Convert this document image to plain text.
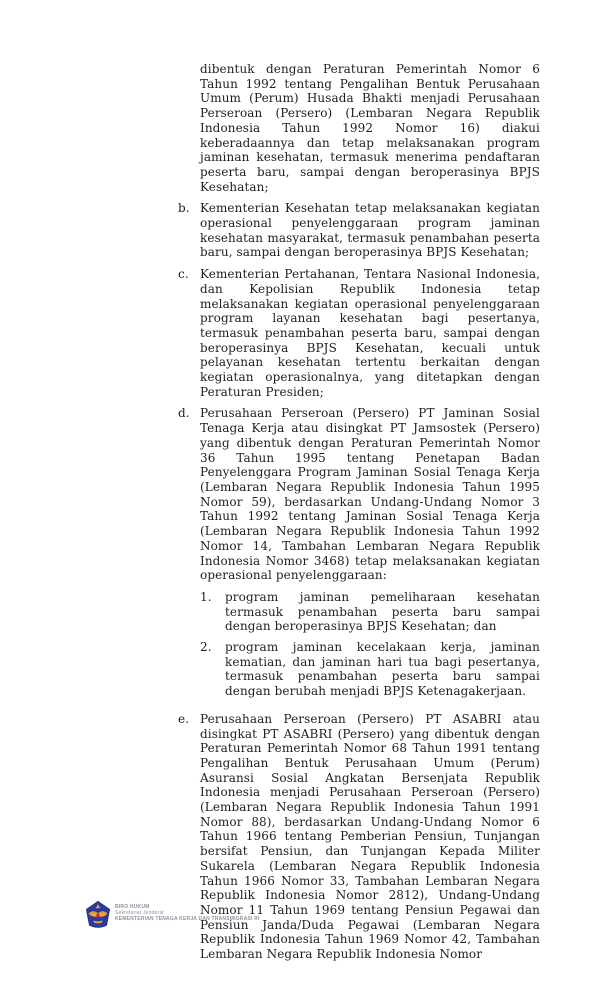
dibentuk dengan Peraturan Pemerintah Nomor 6 Tahun 1992 tentang Pengalihan Bentuk Perusahaan Umum (Perum) Husada Bhakti menjadi Perusahaan Perseroan (Persero) (Lembaran Negara Republik Indonesia Tahun 1992 Nomor 16) diakui keberadaannya dan tetap melaksanakan program jaminan kesehatan, termasuk menerima pendaftaran peserta baru, sampai dengan beroperasinya BPJS Kesehatan;

b. Kementerian Kesehatan tetap melaksanakan kegiatan operasional penyelenggaraan program jaminan kesehatan masyarakat, termasuk penambahan peserta baru, sampai dengan beroperasinya BPJS Kesehatan;

c. Kementerian Pertahanan, Tentara Nasional Indonesia, dan Kepolisian Republik Indonesia tetap melaksanakan kegiatan operasional penyelenggaraan program layanan kesehatan bagi pesertanya, termasuk penambahan peserta baru, sampai dengan beroperasinya BPJS Kesehatan, kecuali untuk pelayanan kesehatan tertentu berkaitan dengan kegiatan operasionalnya, yang ditetapkan dengan Peraturan Presiden;

d. Perusahaan Perseroan (Persero) PT Jaminan Sosial Tenaga Kerja atau disingkat PT Jamsostek (Persero) yang dibentuk dengan Peraturan Pemerintah Nomor 36 Tahun 1995 tentang Penetapan Badan Penyelenggara Program Jaminan Sosial Tenaga Kerja (Lembaran Negara Republik Indonesia Tahun 1995 Nomor 59), berdasarkan Undang-Undang Nomor 3 Tahun 1992 tentang Jaminan Sosial Tenaga Kerja (Lembaran Negara Republik Indonesia Tahun 1992 Nomor 14, Tambahan Lembaran Negara Republik Indonesia Nomor 3468) tetap melaksanakan kegiatan operasional penyelenggaraan:

1.	program jaminan pemeliharaan kesehatan termasuk penambahan peserta baru sampai dengan beroperasinya BPJS Kesehatan; dan
2.	program jaminan kecelakaan kerja, jaminan kematian, dan jaminan hari tua bagi pesertanya, termasuk penambahan peserta baru sampai dengan berubah menjadi BPJS Ketenagakerjaan.
e. Perusahaan Perseroan (Persero) PT ASABRI atau disingkat PT ASABRI (Persero) yang dibentuk dengan Peraturan Pemerintah Nomor 68 Tahun 1991 tentang Pengalihan Bentuk Perusahaan Umum (Perum) Asuransi Sosial Angkatan Bersenjata Republik Indonesia menjadi Perusahaan Perseroan (Persero) (Lembaran Negara Republik Indonesia Tahun 1991 Nomor 88), berdasarkan Undang-Undang Nomor 6 Tahun 1966 tentang Pemberian Pensiun, Tunjangan bersifat Pensiun, dan Tunjangan Kepada Militer Sukarela (Lembaran Negara Republik Indonesia Tahun 1966 Nomor 33, Tambahan Lembaran Negara Republik Indonesia Nomor 2812), Undang-Undang Nomor 11 Tahun 1969 tentang Pensiun Pegawai dan Pensiun Janda/Duda Pegawai (Lembaran Negara Republik Indonesia Tahun 1969 Nomor 42, Tambahan Lembaran Negara Republik Indonesia Nomor

BIRO HUKUM
Sekretariat Jenderal
KEMENTERIAN TENAGA KERJA DAN TRANSMIGRASI RI
